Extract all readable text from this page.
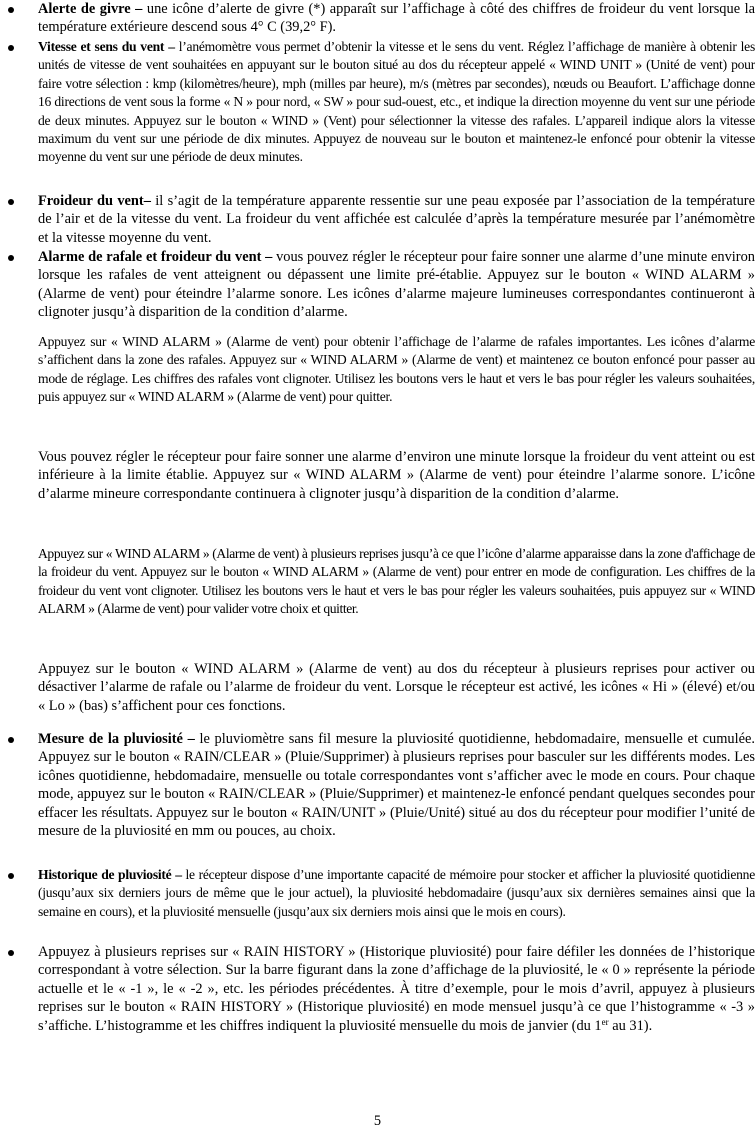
Alerte de givre – une icône d’alerte de givre (*) apparaît sur l’affichage à côté des chiffres de froideur du vent lorsque la température extérieure descend sous 4° C (39,2° F).
Vitesse et sens du vent – l’anémomètre vous permet d’obtenir la vitesse et le sens du vent. Réglez l’affichage de manière à obtenir les unités de vitesse de vent souhaitées en appuyant sur le bouton situé au dos du récepteur appelé « WIND UNIT » (Unité de vent) pour faire votre sélection : kmp (kilomètres/heure), mph (milles par heure), m/s (mètres par secondes), nœuds ou Beaufort. L’affichage donne 16 directions de vent sous la forme « N » pour nord, « SW » pour sud-ouest, etc., et indique la direction moyenne du vent sur une période de deux minutes. Appuyez sur le bouton « WIND » (Vent) pour sélectionner la vitesse des rafales. L’appareil indique alors la vitesse maximum du vent sur une période de dix minutes. Appuyez de nouveau sur le bouton et maintenez-le enfoncé pour obtenir la vitesse moyenne du vent sur une période de deux minutes.
Froideur du vent– il s’agit de la température apparente ressentie sur une peau exposée par l’association de la température de l’air et de la vitesse du vent. La froideur du vent affichée est calculée d’après la température mesurée par l’anémomètre et la vitesse moyenne du vent.
Alarme de rafale et froideur du vent – vous pouvez régler le récepteur pour faire sonner une alarme d’une minute environ lorsque les rafales de vent atteignent ou dépassent une limite pré-établie. Appuyez sur le bouton « WIND ALARM » (Alarme de vent) pour éteindre l’alarme sonore. Les icônes d’alarme majeure lumineuses correspondantes continueront à clignoter jusqu’à disparition de la condition d’alarme.
Appuyez sur « WIND ALARM » (Alarme de vent) pour obtenir l’affichage de l’alarme de rafales importantes. Les icônes d’alarme s’affichent dans la zone des rafales. Appuyez sur « WIND ALARM » (Alarme de vent) et maintenez ce bouton enfoncé pour passer au mode de réglage. Les chiffres des rafales vont clignoter. Utilisez les boutons vers le haut et vers le bas pour régler les valeurs souhaitées, puis appuyez sur « WIND ALARM » (Alarme de vent) pour quitter.
Vous pouvez régler le récepteur pour faire sonner une alarme d’environ une minute lorsque la froideur du vent atteint ou est inférieure à la limite établie. Appuyez sur « WIND ALARM » (Alarme de vent) pour éteindre l’alarme sonore. L’icône d’alarme mineure correspondante continuera à clignoter jusqu’à disparition de la condition d’alarme.
Appuyez sur « WIND ALARM » (Alarme de vent) à plusieurs reprises jusqu’à ce que l’icône d’alarme apparaisse dans la zone d'affichage de la froideur du vent. Appuyez sur le bouton « WIND ALARM » (Alarme de vent) pour entrer en mode de configuration. Les chiffres de la froideur du vent vont clignoter. Utilisez les boutons vers le haut et vers le bas pour régler les valeurs souhaitées, puis appuyez sur « WIND ALARM » (Alarme de vent) pour valider votre choix et quitter.
Appuyez sur le bouton « WIND ALARM » (Alarme de vent) au dos du récepteur à plusieurs reprises pour activer ou désactiver l’alarme de rafale ou l’alarme de froideur du vent. Lorsque le récepteur est activé, les icônes « Hi » (élevé) et/ou « Lo » (bas) s’affichent pour ces fonctions.
Mesure de la pluviosité – le pluviomètre sans fil mesure la pluviosité quotidienne, hebdomadaire, mensuelle et cumulée. Appuyez sur le bouton « RAIN/CLEAR » (Pluie/Supprimer) à plusieurs reprises pour basculer sur les différents modes. Les icônes quotidienne, hebdomadaire, mensuelle ou totale correspondantes vont s’afficher avec le mode en cours. Pour chaque mode, appuyez sur le bouton « RAIN/CLEAR » (Pluie/Supprimer) et maintenez-le enfoncé pendant quelques secondes pour effacer les résultats. Appuyez sur le bouton « RAIN/UNIT » (Pluie/Unité) situé au dos du récepteur pour modifier l’unité de mesure de la pluviosité en mm ou pouces, au choix.
Historique de pluviosité – le récepteur dispose d’une importante capacité de mémoire pour stocker et afficher la pluviosité quotidienne (jusqu’aux six derniers jours de même que le jour actuel), la pluviosité hebdomadaire (jusqu’aux six dernières semaines ainsi que la semaine en cours), et la pluviosité mensuelle (jusqu’aux six derniers mois ainsi que le mois en cours).
Appuyez à plusieurs reprises sur « RAIN HISTORY » (Historique pluviosité) pour faire défiler les données de l’historique correspondant à votre sélection. Sur la barre figurant dans la zone d’affichage de la pluviosité, le « 0 » représente la période actuelle et le « -1 », le « -2 », etc. les périodes précédentes. À titre d’exemple, pour le mois d’avril, appuyez à plusieurs reprises sur le bouton « RAIN HISTORY » (Historique pluviosité) en mode mensuel jusqu’à ce que l’histogramme « -3 » s’affiche. L’histogramme et les chiffres indiquent la pluviosité mensuelle du mois de janvier (du 1er au 31).
5
